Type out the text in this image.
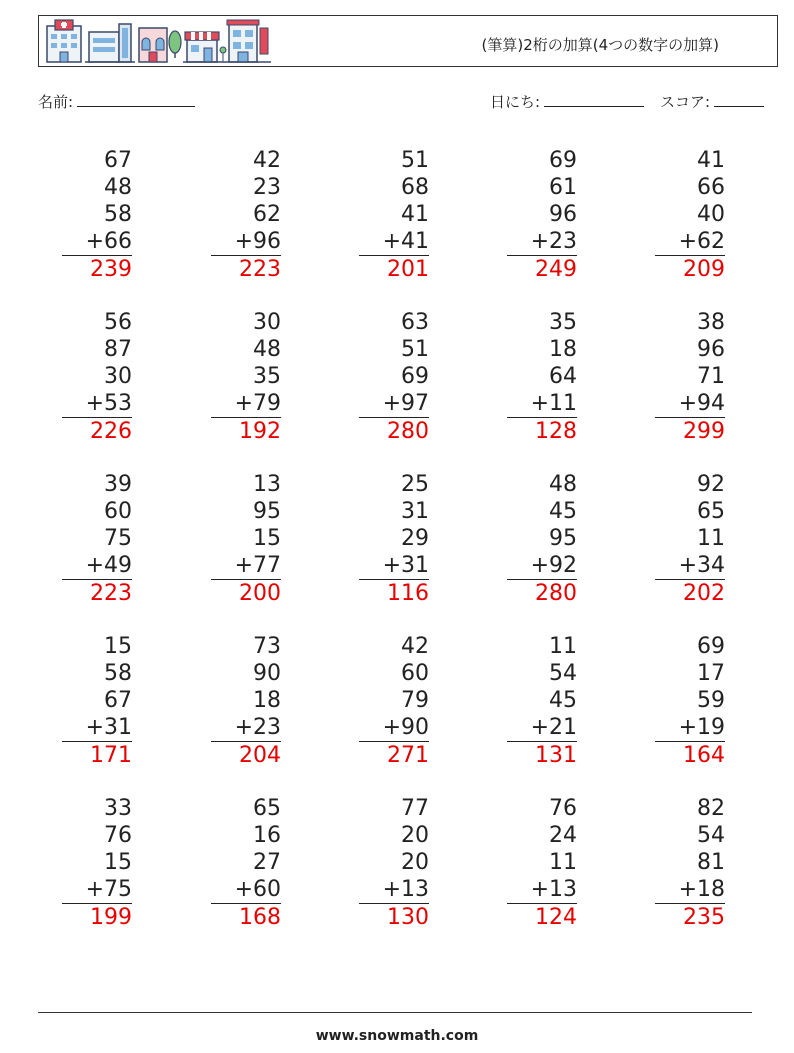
(筆算)2桁の加算(4つの数字の加算)
名前:	日にち:	スコア:
67
48
58
+66
239
42
23
62
+96
223
51
68
41
+41
201
69
61
96
+23
249
41
66
40
+62
209
56
87
30
+53
226
30
48
35
+79
192
63
51
69
+97
280
35
18
64
+11
128
38
96
71
+94
299
39
60
75
+49
223
13
95
15
+77
200
25
31
29
+31
116
48
45
95
+92
280
92
65
11
+34
202
15
58
67
+31
171
73
90
18
+23
204
42
60
79
+90
271
11
54
45
+21
131
69
17
59
+19
164
33
76
15
+75
199
65
16
27
+60
168
77
20
20
+13
130
76
24
11
+13
124
82
54
81
+18
235
www.snowmath.com
